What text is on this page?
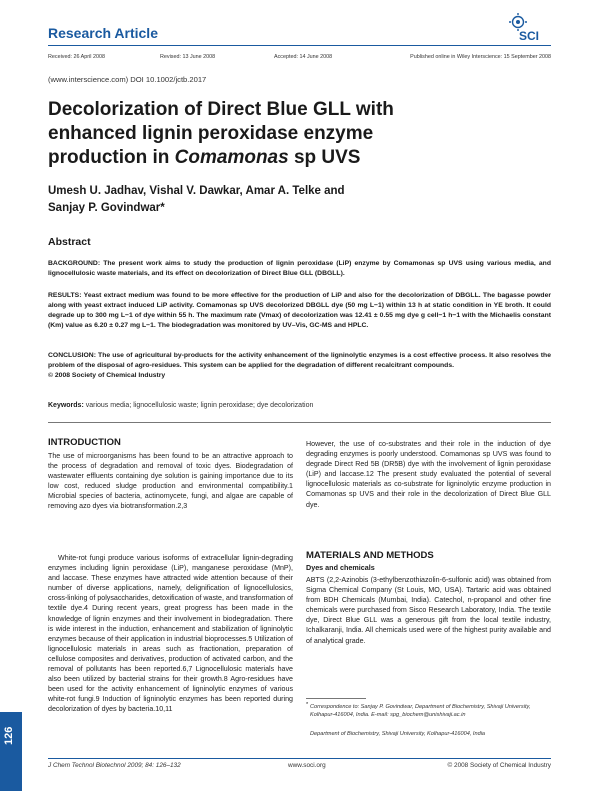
Research Article	SCI
Received: 26 April 2008	Revised: 13 June 2008	Accepted: 14 June 2008	Published online in Wiley Interscience: 15 September 2008
(www.interscience.com) DOI 10.1002/jctb.2017
Decolorization of Direct Blue GLL with
enhanced lignin peroxidase enzyme
production in Comamonas sp UVS
Umesh U. Jadhav, Vishal V. Dawkar, Amar A. Telke and
Sanjay P. Govindwar*
Abstract

BACKGROUND: The present work aims to study the production of lignin peroxidase (LiP) enzyme by Comamonas sp UVS using various media, and lignocellulosic waste materials, and its effect on decolorization of Direct Blue GLL (DBGLL).

RESULTS: Yeast extract medium was found to be more effective for the production of LiP and also for the decolorization of DBGLL. The bagasse powder along with yeast extract induced LiP activity. Comamonas sp UVS decolorized DBGLL dye (50 mg L−1) within 13 h at static condition in YE broth. It could degrade up to 300 mg L−1 of dye within 55 h. The maximum rate (Vmax) of decolorization was 12.41 ± 0.55 mg dye g cell−1 h−1 with the Michaelis constant (Km) value as 6.20 ± 0.27 mg L−1. The biodegradation was monitored by UV–Vis, GC-MS and HPLC.

CONCLUSION: The use of agricultural by-products for the activity enhancement of the ligninolytic enzymes is a cost effective process. It also resolves the problem of the disposal of agro-residues. This system can be applied for the degradation of different recalcitrant compounds.
© 2008 Society of Chemical Industry
Keywords: various media; lignocellulosic waste; lignin peroxidase; dye decolorization
INTRODUCTION

The use of microorganisms has been found to be an attractive approach to the process of degradation and removal of toxic dyes. Biodegradation of wastewater effluents containing dye solution is gaining importance due to its low cost, reduced sludge production and environmental compatibility.1 Microbial species of bacteria, actinomycete, fungi, and algae are capable of removing azo dyes via biotransformation.2,3

White-rot fungi produce various isoforms of extracellular lignin-degrading enzymes including lignin peroxidase (LiP), manganese peroxidase (MnP), and laccase. These enzymes have attracted wide attention because of their number of diverse applications, namely, delignification of lignocellulosics, cross-linking of polysaccharides, detoxification of waste, and transformation of textile dye.4 During recent years, great progress has been made in the knowledge of lignin enzymes and their involvement in biodegradation. There is wide interest in the induction, enhancement and stabilization of ligninolytic enzymes because of their application in industrial bioprocesses.5 Utilization of lignocellulosic materials in areas such as fractionation, preparation of cellulose composites and derivatives, production of activated carbon, and the removal of pollutants has been reported.6,7 Lignocellulosic materials have also been utilized by bacterial strains for their growth.8 Agro-residues have been used for the activity enhancement of ligninolytic enzymes of various white-rot fungi.9 Induction of ligninolytic enzymes has been reported during decolorization of dyes by bacteria.10,11

However, the use of co-substrates and their role in the induction of dye degrading enzymes is poorly understood. Comamonas sp UVS was found to degrade Direct Red 5B (DR5B) dye with the involvement of lignin peroxidase (LiP) and laccase.12 The present study evaluated the potential of several lignocellulosic materials as co-substrate for ligninolytic enzyme production in Comamonas sp UVS and their role in the decolorization of Direct Blue GLL dye.

MATERIALS AND METHODS
Dyes and chemicals

ABTS (2,2-Azinobis (3-ethylbenzothiazolin-6-sulfonic acid) was obtained from Sigma Chemical Company (St Louis, MO, USA). Tartaric acid was obtained from BDH Chemicals (Mumbai, India). Catechol, n-propanol and other fine chemicals were purchased from Sisco Research Laboratory, India. The textile dye, Direct Blue GLL was a generous gift from the local textile industry, Ichalkaranji, India. All chemicals used were of the highest purity available and of analytical grade.

* Correspondence to: Sanjay P. Govindwar, Department of Biochemistry, Shivaji University, Kolhapur-416004, India. E-mail: spg_biochem@unishivaji.ac.in

Department of Biochemistry, Shivaji University, Kolhapur-416004, India

126
J Chem Technol Biotechnol 2009; 84: 126–132	www.soci.org	© 2008 Society of Chemical Industry
